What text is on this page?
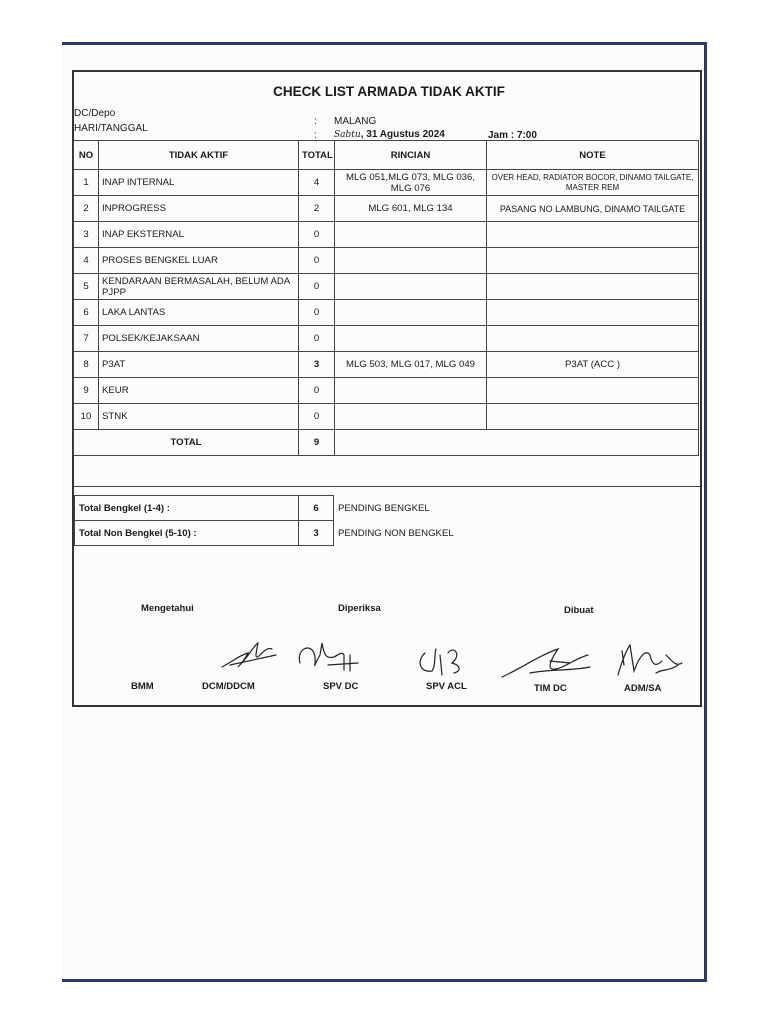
CHECK LIST ARMADA TIDAK AKTIF
DC/Depo
HARI/TANGGAL
: MALANG
: Sabtu, 31 Agustus 2024	Jam : 7:00
NO	TIDAK AKTIF	TOTAL	RINCIAN	NOTE
1	INAP INTERNAL	4	MLG 051,MLG 073, MLG 036, MLG 076	OVER HEAD, RADIATOR BOCOR, DINAMO TAILGATE, MASTER REM
2	INPROGRESS	2	MLG 601, MLG 134	PASANG NO LAMBUNG, DINAMO TAILGATE
3	INAP EKSTERNAL	0		
4	PROSES BENGKEL LUAR	0		
5	KENDARAAN BERMASALAH, BELUM ADA PJPP	0		
6	LAKA LANTAS	0		
7	POLSEK/KEJAKSAAN	0		
8	P3AT	3	MLG 503, MLG 017, MLG 049	P3AT (ACC )
9	KEUR	0		
10	STNK	0		
TOTAL		9		
Total Bengkel (1-4) :	6	PENDING BENGKEL
Total Non Bengkel (5-10) :	3	PENDING NON BENGKEL
Mengetahui	Diperiksa	Dibuat
BMM	DCM/DDCM	SPV DC	SPV ACL	TIM DC	ADM/SA
